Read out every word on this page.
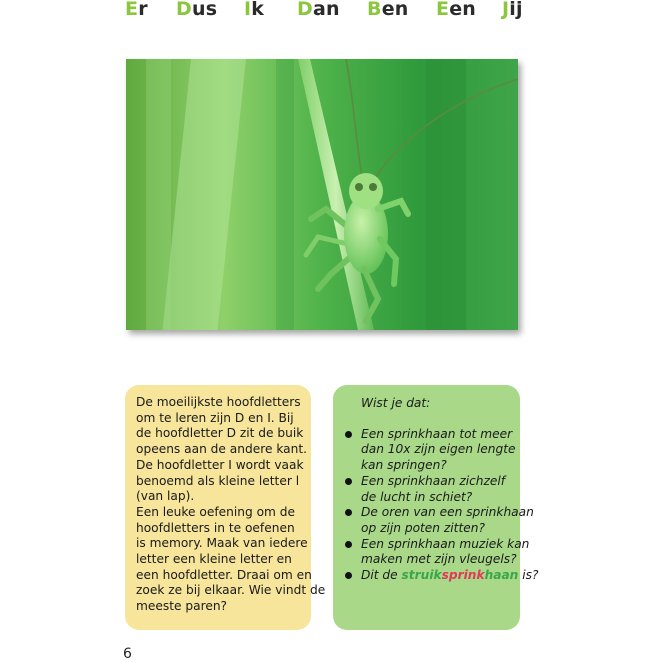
Er Dus Ik Dan Ben Een Jij
De moeilijkste hoofdletters
om te leren zijn D en I. Bij
de hoofdletter D zit de buik
opeens aan de andere kant.
De hoofdletter I wordt vaak
benoemd als kleine letter l
(van lap).
Een leuke oefening om de
hoofdletters in te oefenen
is memory. Maak van iedere
letter een kleine letter en
een hoofdletter. Draai om en
zoek ze bij elkaar. Wie vindt de
meeste paren?
Wist je dat:
Een sprinkhaan tot meer
dan 10x zijn eigen lengte
kan springen?
Een sprinkhaan zichzelf
de lucht in schiet?
De oren van een sprinkhaan
op zijn poten zitten?
Een sprinkhaan muziek kan
maken met zijn vleugels?
Dit de struiksprinkhaan is?
6
